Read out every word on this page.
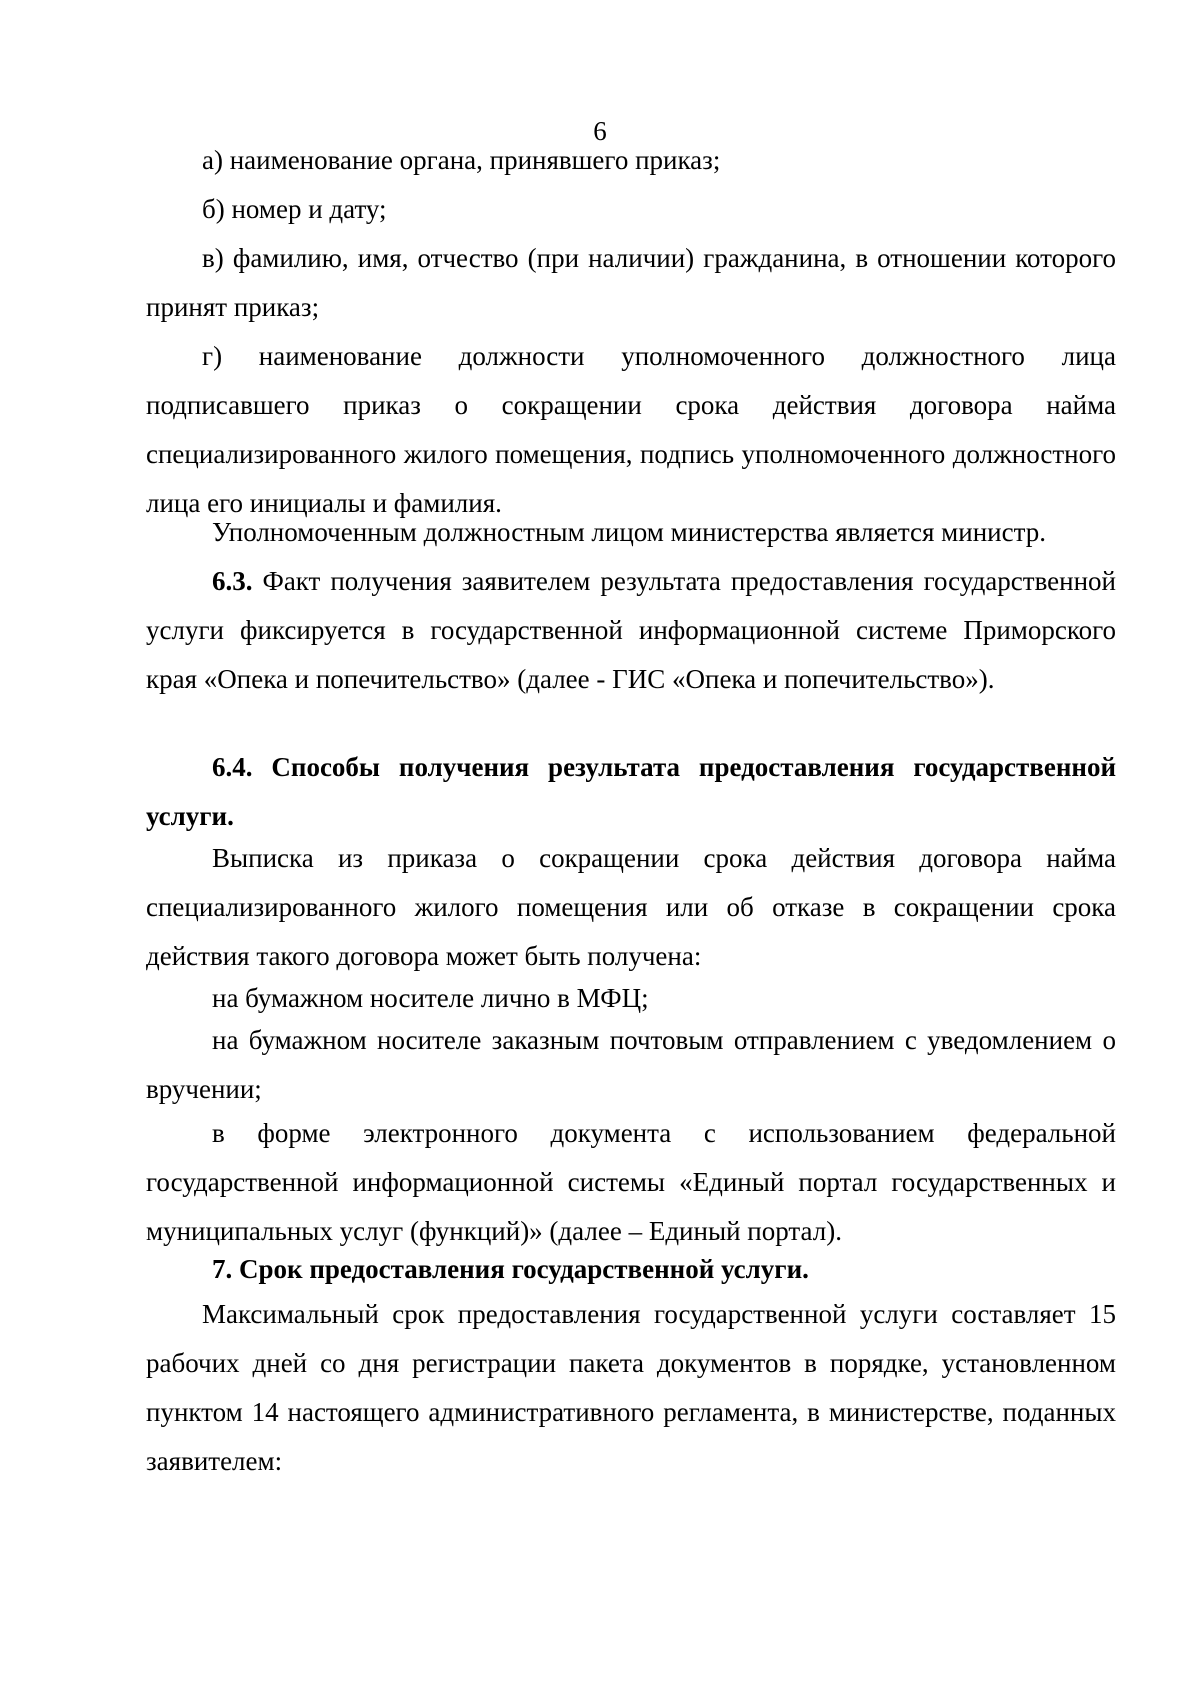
6

а) наименование органа, принявшего приказ;

б) номер и дату;

в) фамилию, имя, отчество (при наличии) гражданина, в отношении которого принят приказ;

г) наименование должности уполномоченного должностного лица подписавшего приказ о сокращении срока действия договора найма специализированного жилого помещения, подпись уполномоченного должностного лица его инициалы и фамилия.

Уполномоченным должностным лицом министерства является министр.

6.3. Факт получения заявителем результата предоставления государственной услуги фиксируется в государственной информационной системе Приморского края «Опека и попечительство» (далее - ГИС «Опека и попечительство»).

6.4. Способы получения результата предоставления государственной услуги.

Выписка из приказа о сокращении срока действия договора найма специализированного жилого помещения или об отказе в сокращении срока действия такого договора может быть получена:

на бумажном носителе лично в МФЦ;

на бумажном носителе заказным почтовым отправлением с уведомлением о вручении;

в форме электронного документа с использованием федеральной государственной информационной системы «Единый портал государственных и муниципальных услуг (функций)» (далее – Единый портал).

7. Срок предоставления государственной услуги.

Максимальный срок предоставления государственной услуги составляет 15 рабочих дней со дня регистрации пакета документов в порядке, установленном пунктом 14 настоящего административного регламента, в министерстве, поданных заявителем:
